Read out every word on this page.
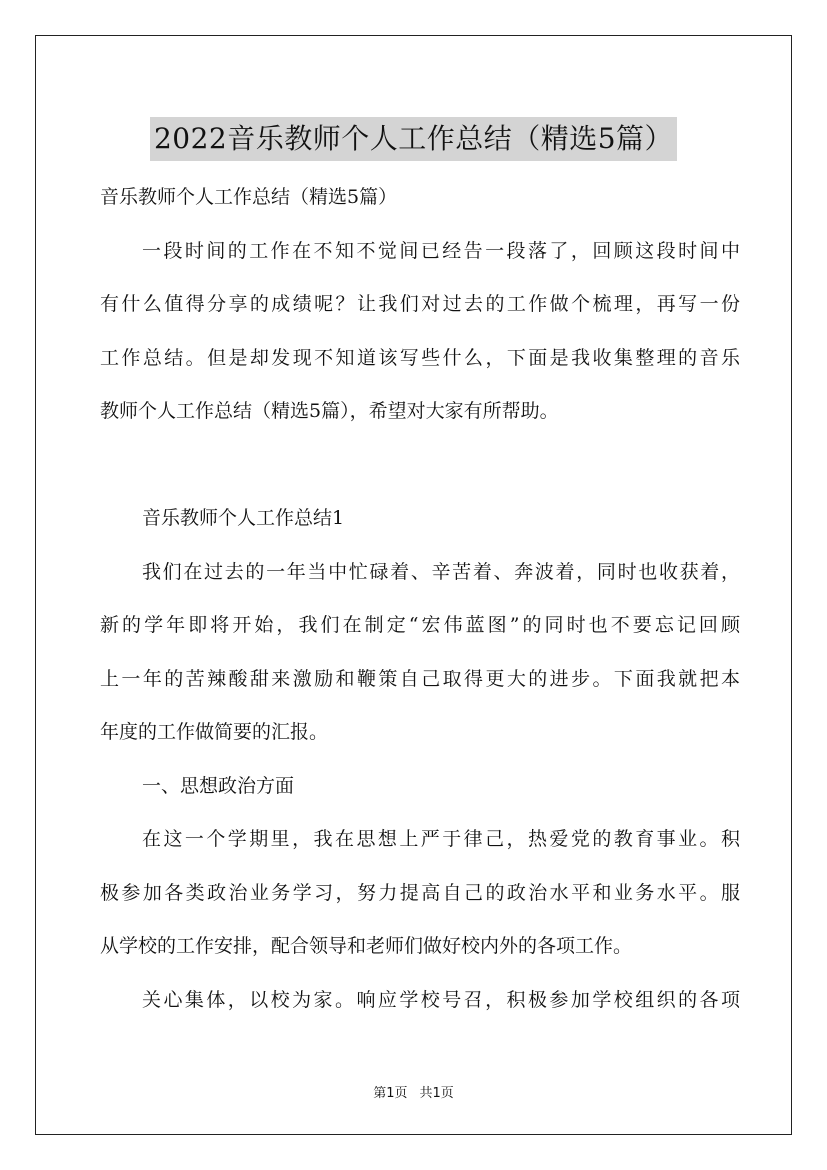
2022音乐教师个人工作总结（精选5篇）

音乐教师个人工作总结（精选5篇）

一段时间的工作在不知不觉间已经告一段落了，回顾这段时间中

有什么值得分享的成绩呢？让我们对过去的工作做个梳理，再写一份

工作总结。但是却发现不知道该写些什么，下面是我收集整理的音乐

教师个人工作总结（精选5篇），希望对大家有所帮助。

音乐教师个人工作总结1

我们在过去的一年当中忙碌着、辛苦着、奔波着，同时也收获着，

新的学年即将开始，我们在制定“宏伟蓝图”的同时也不要忘记回顾

上一年的苦辣酸甜来激励和鞭策自己取得更大的进步。下面我就把本

年度的工作做简要的汇报。

一、思想政治方面

在这一个学期里，我在思想上严于律己，热爱党的教育事业。积

极参加各类政治业务学习，努力提高自己的政治水平和业务水平。服

从学校的工作安排，配合领导和老师们做好校内外的各项工作。

关心集体，以校为家。响应学校号召，积极参加学校组织的各项

第1页 共1页
